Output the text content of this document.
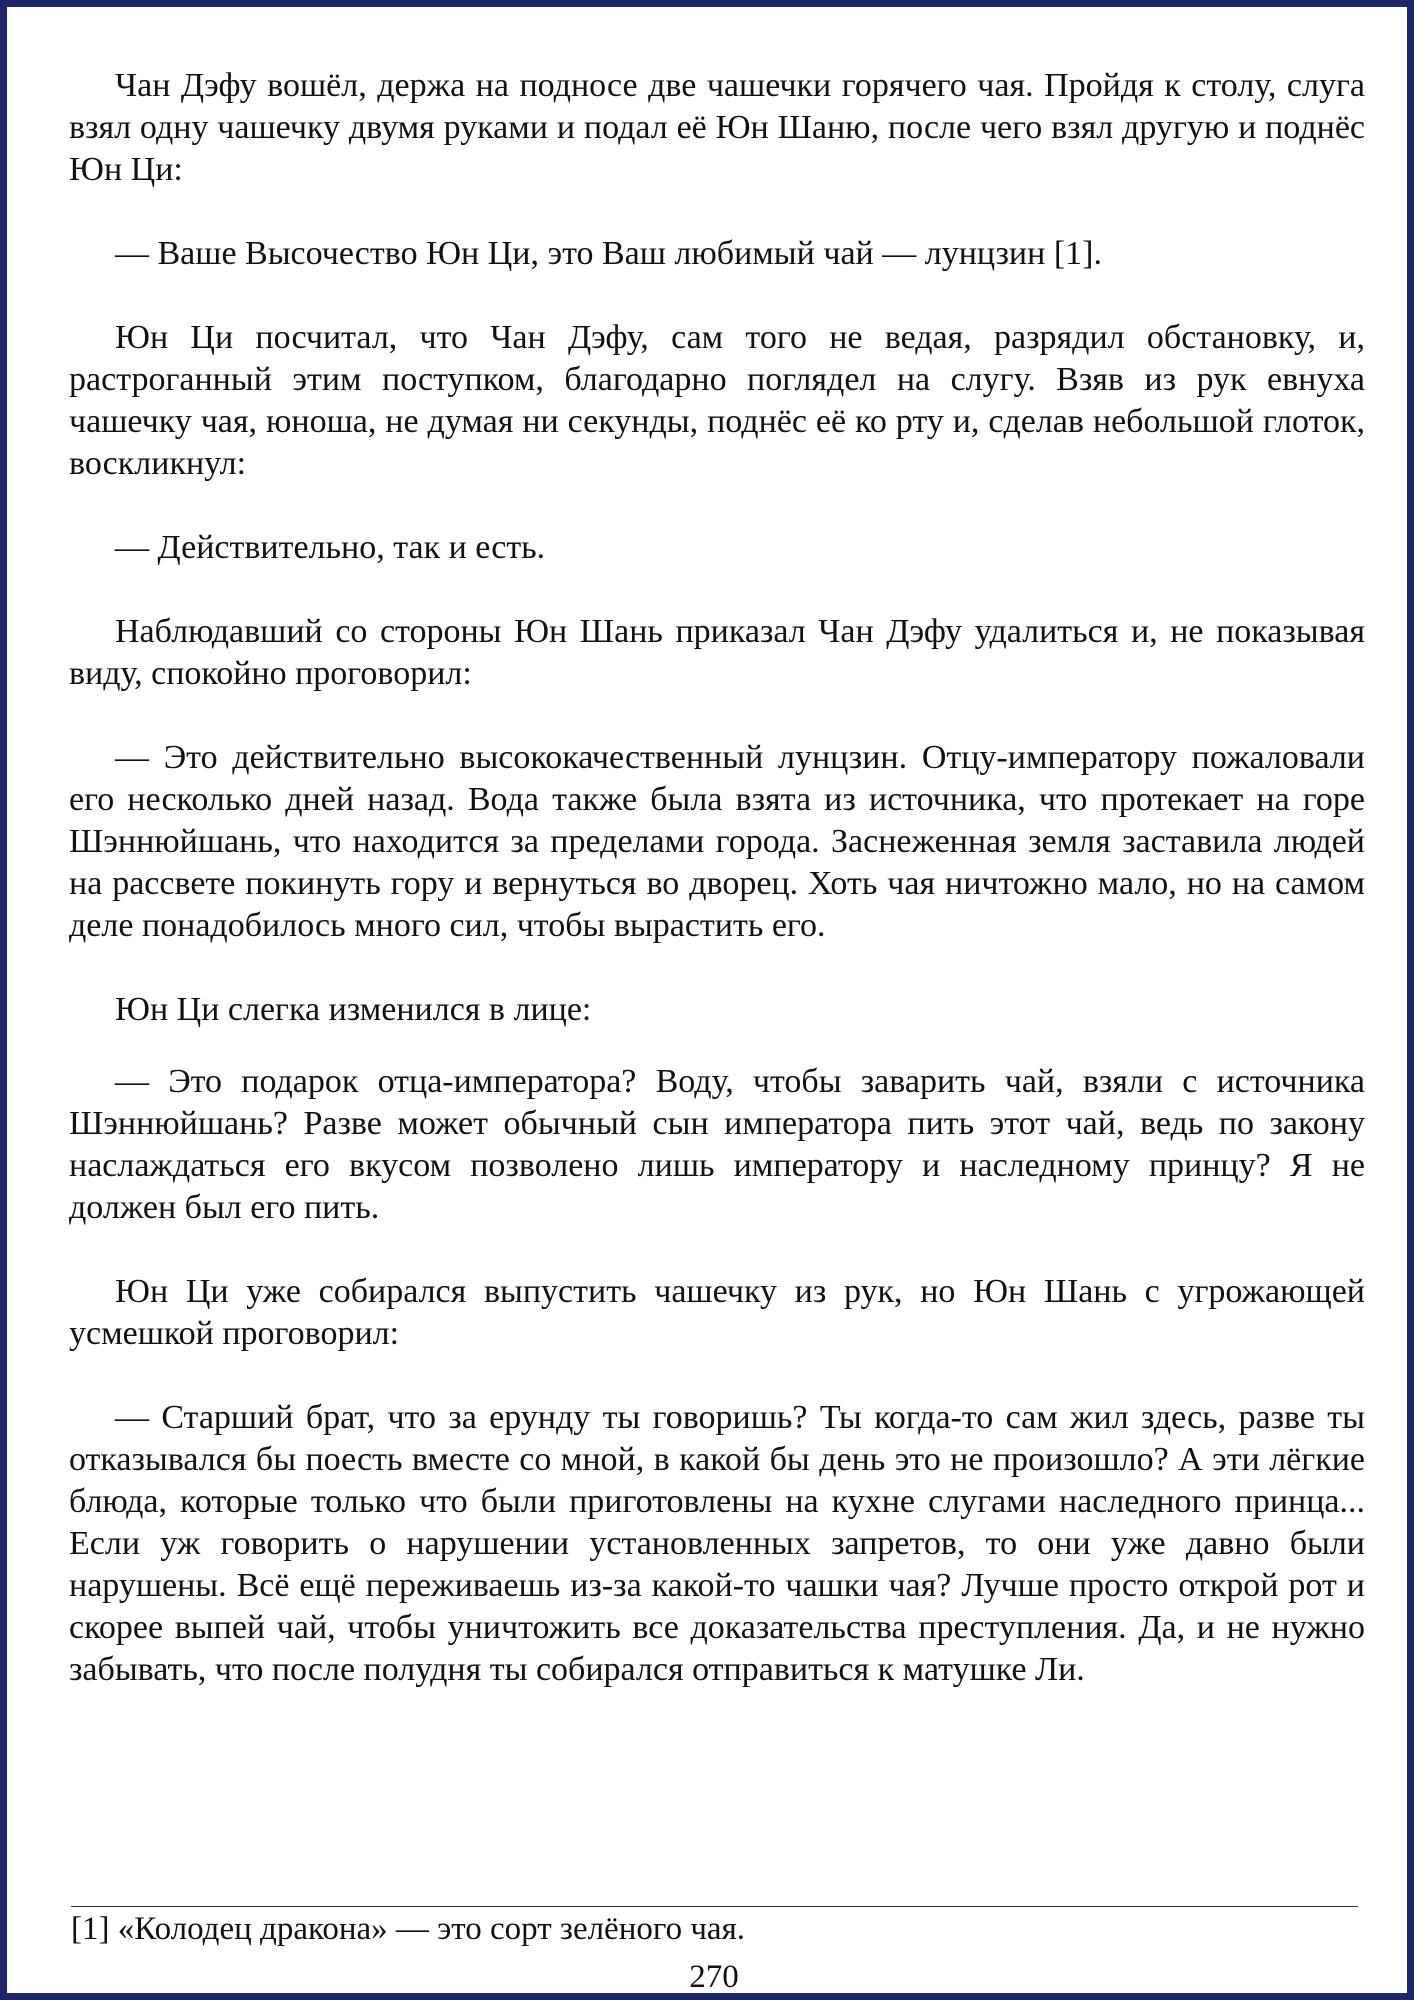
Чан Дэфу вошёл, держа на подносе две чашечки горячего чая. Пройдя к столу, слуга взял одну чашечку двумя руками и подал её Юн Шаню, после чего взял другую и поднёс Юн Ци:

— Ваше Высочество Юн Ци, это Ваш любимый чай — лунцзин [1].

Юн Ци посчитал, что Чан Дэфу, сам того не ведая, разрядил обстановку, и, растроганный этим поступком, благодарно поглядел на слугу. Взяв из рук евнуха чашечку чая, юноша, не думая ни секунды, поднёс её ко рту и, сделав небольшой глоток, воскликнул:

— Действительно, так и есть.

Наблюдавший со стороны Юн Шань приказал Чан Дэфу удалиться и, не показывая виду, спокойно проговорил:

— Это действительно высококачественный лунцзин. Отцу-императору пожаловали его несколько дней назад. Вода также была взята из источника, что протекает на горе Шэннюйшань, что находится за пределами города. Заснеженная земля заставила людей на рассвете покинуть гору и вернуться во дворец. Хоть чая ничтожно мало, но на самом деле понадобилось много сил, чтобы вырастить его.

Юн Ци слегка изменился в лице:

— Это подарок отца-императора? Воду, чтобы заварить чай, взяли с источника Шэннюйшань? Разве может обычный сын императора пить этот чай, ведь по закону наслаждаться его вкусом позволено лишь императору и наследному принцу? Я не должен был его пить.

Юн Ци уже собирался выпустить чашечку из рук, но Юн Шань с угрожающей усмешкой проговорил:

— Старший брат, что за ерунду ты говоришь? Ты когда-то сам жил здесь, разве ты отказывался бы поесть вместе со мной, в какой бы день это не произошло? А эти лёгкие блюда, которые только что были приготовлены на кухне слугами наследного принца... Если уж говорить о нарушении установленных запретов, то они уже давно были нарушены. Всё ещё переживаешь из-за какой-то чашки чая? Лучше просто открой рот и скорее выпей чай, чтобы уничтожить все доказательства преступления. Да, и не нужно забывать, что после полудня ты собирался отправиться к матушке Ли.

[1] «Колодец дракона» — это сорт зелёного чая.
270
